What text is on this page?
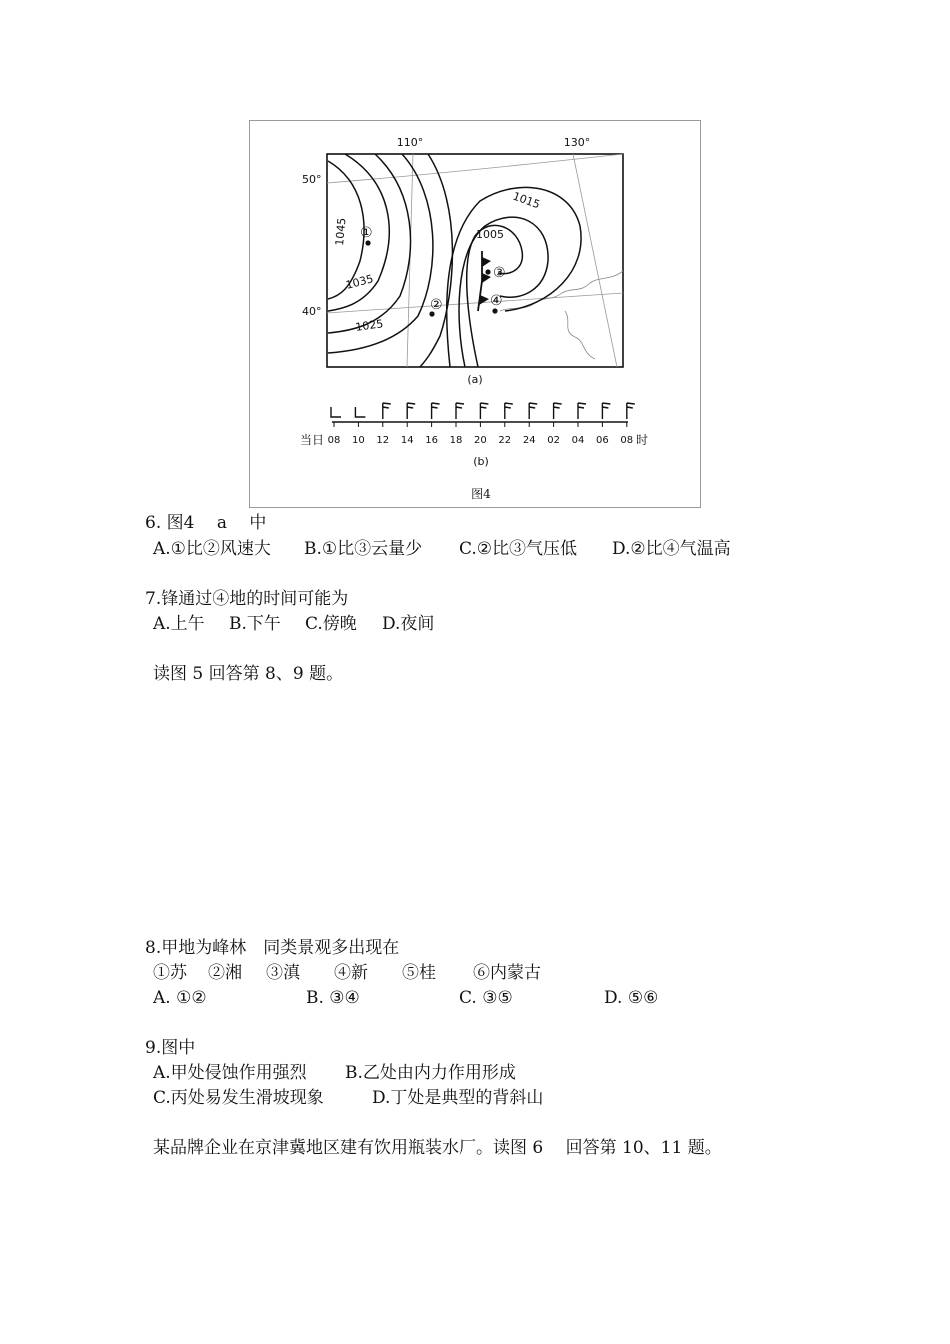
110°	130°
50°
40°
1045
1035
1025
1015
1005
①
②
③
④
(a)
08 10 12 14 16 18 20 22 24 02 04 06 08
当日	时
(b)
图4
6. 图4　 a　 中
A.①比②风速大 B.①比③云量少 C.②比③气压低 D.②比④气温高
7.锋通过④地的时间可能为
A.上午 B.下午 C.傍晚 D.夜间
读图 5 回答第 8、9 题。
8.甲地为峰林　同类景观多出现在
①苏 ②湘 ③滇 ④新 ⑤桂 ⑥内蒙古
A. ①②	B. ③④	C. ③⑤	D. ⑤⑥
9.图中
A.甲处侵蚀作用强烈 B.乙处由内力作用形成
C.丙处易发生滑坡现象	D.丁处是典型的背斜山
某品牌企业在京津冀地区建有饮用瓶装水厂。读图 6　 回答第 10、11 题。
